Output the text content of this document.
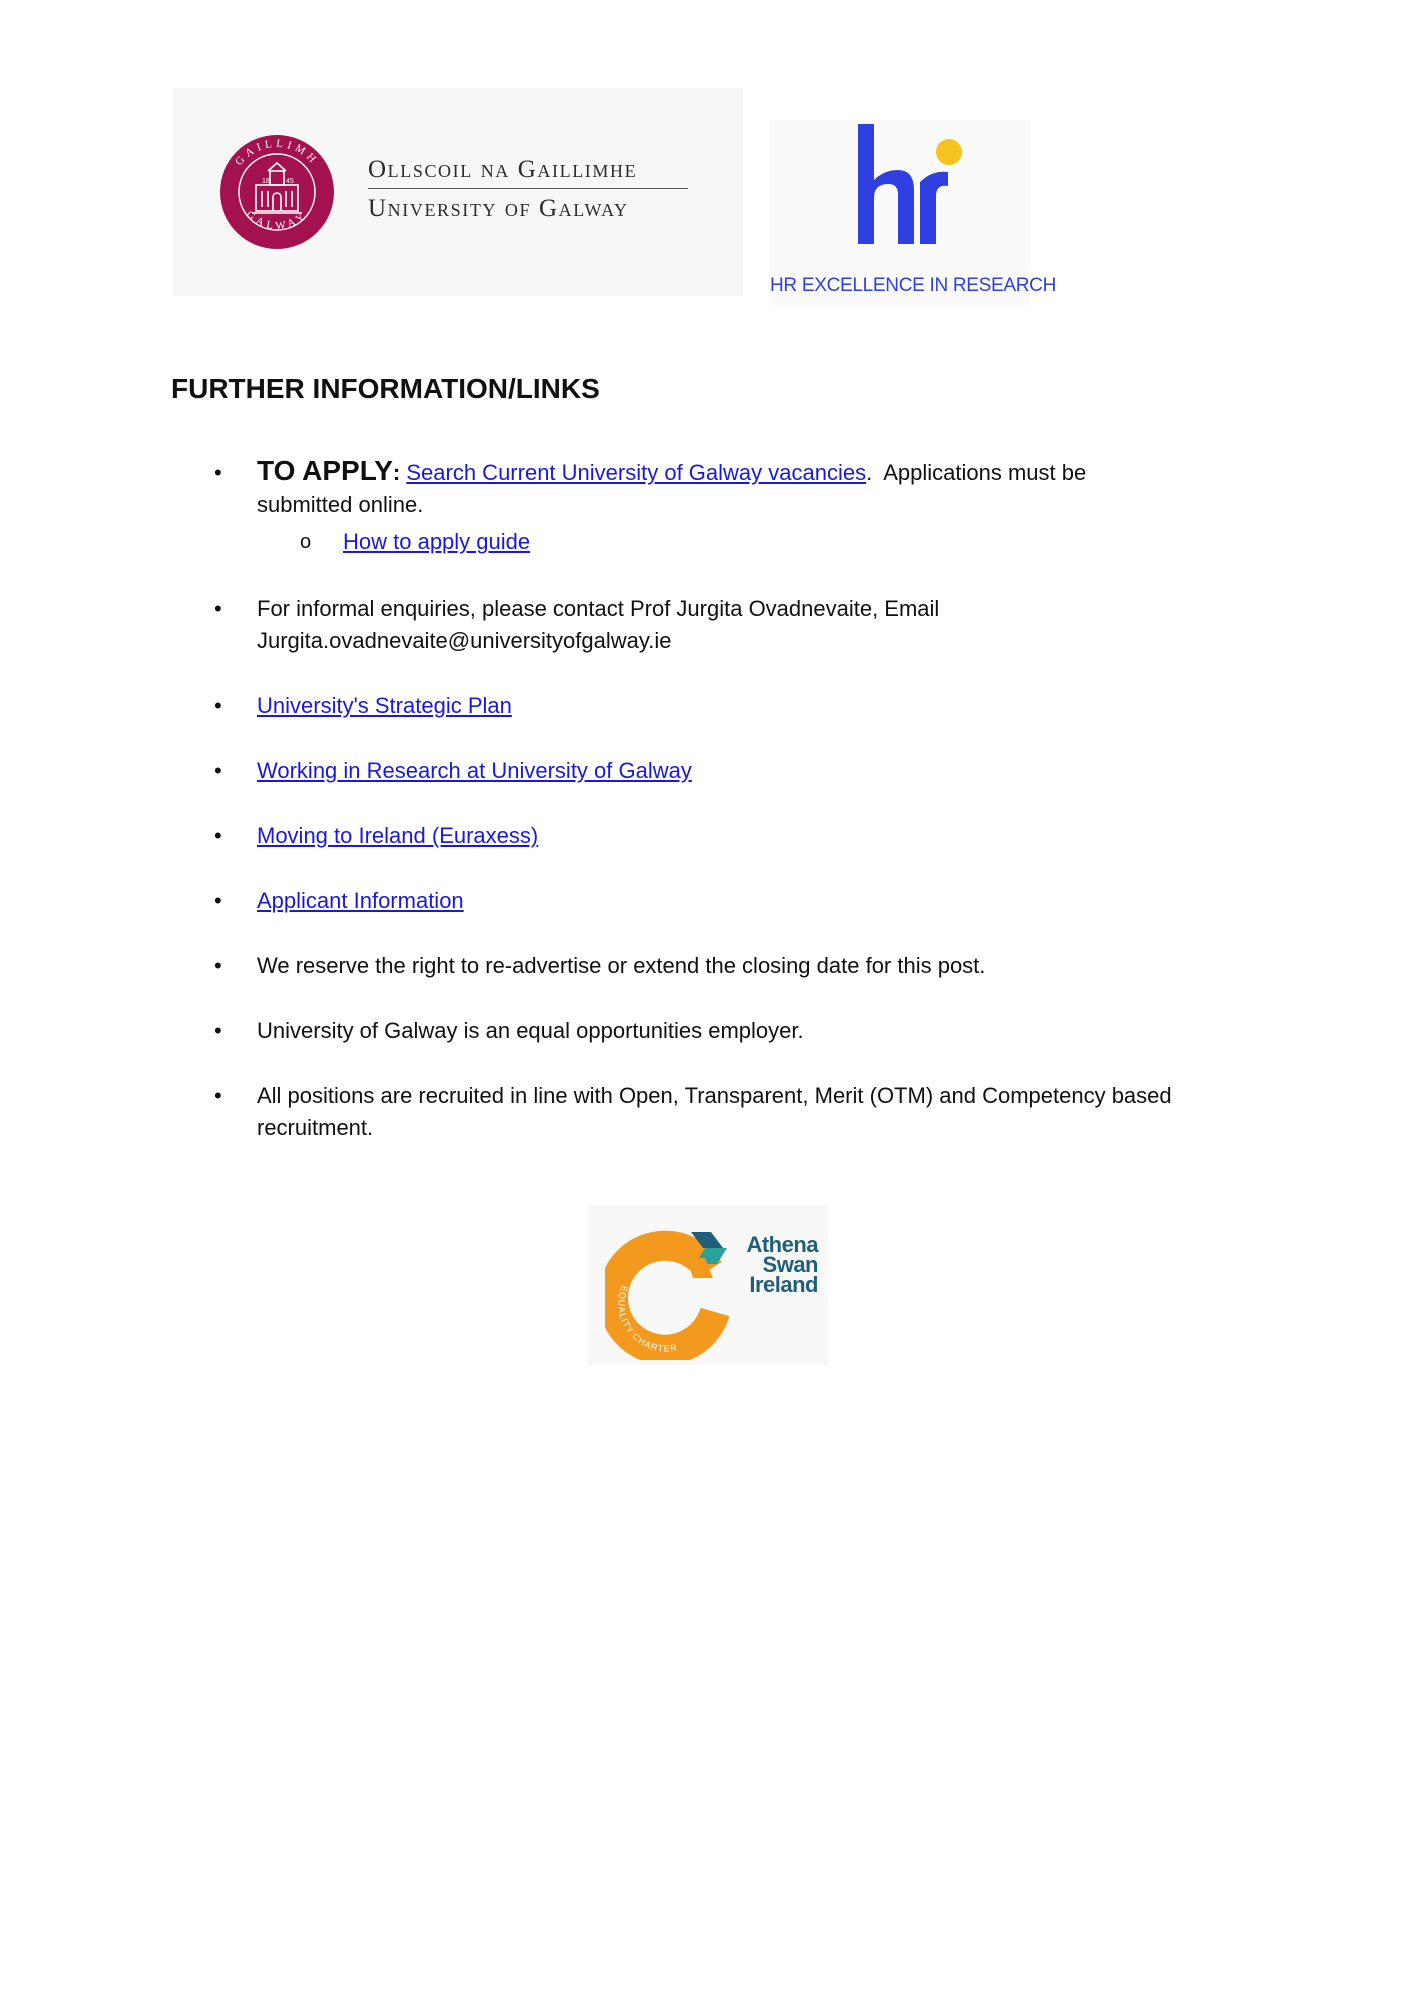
GAILLIMH
GALWAY
18 45	Ollscoil na Gaillimhe
University of Galway
HR EXCELLENCE IN RESEARCH
FURTHER INFORMATION/LINKS
•	TO APPLY: Search Current University of Galway vacancies. Applications must be
submitted online.
o How to apply guide
•	For informal enquiries, please contact Prof Jurgita Ovadnevaite, Email
Jurgita.ovadnevaite@universityofgalway.ie
•	University's Strategic Plan
•	Working in Research at University of Galway
•	Moving to Ireland (Euraxess)
•	Applicant Information
•	We reserve the right to re-advertise or extend the closing date for this post.
•	University of Galway is an equal opportunities employer.
•	All positions are recruited in line with Open, Transparent, Merit (OTM) and Competency based
recruitment.
EQUALITY CHARTER
Athena
Swan
Ireland
